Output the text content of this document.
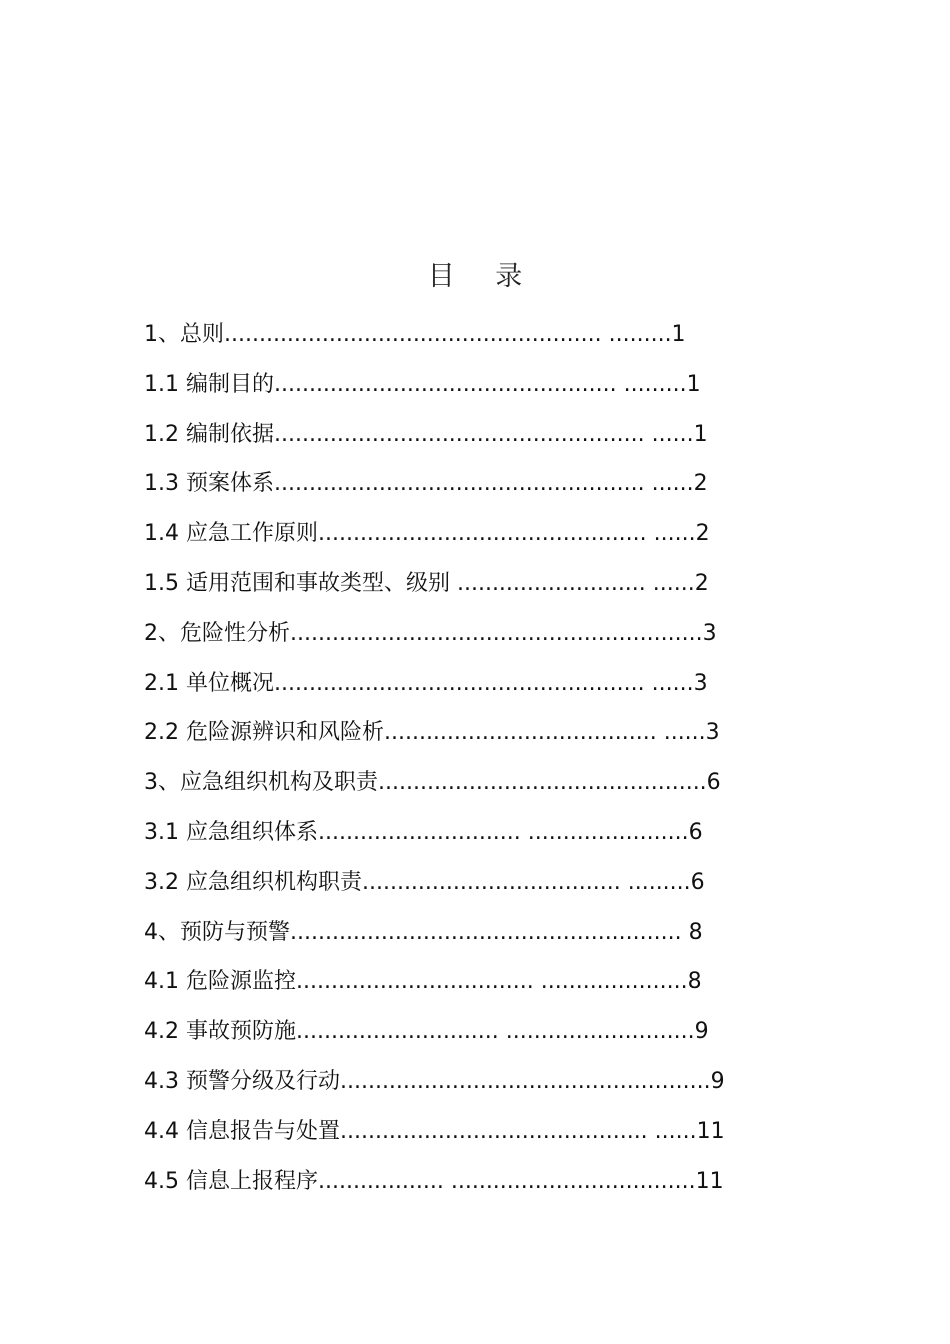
目 录
1、总则...................................................... .........1
1.1 编制目的................................................. .........1
1.2 编制依据..................................................... ......1
1.3 预案体系..................................................... ......2
1.4 应急工作原则............................................... ......2
1.5 适用范围和事故类型、级别 ........................... ......2
2、危险性分析...........................................................3
2.1 单位概况..................................................... ......3
2.2 危险源辨识和风险析....................................... ......3
3、应急组织机构及职责...............................................6
3.1 应急组织体系............................. .......................6
3.2 应急组织机构职责..................................... .........6
4、预防与预警........................................................ 8
4.1 危险源监控.................................. .....................8
4.2 事故预防施............................. ...........................9
4.3 预警分级及行动.....................................................9
4.4 信息报告与处置............................................ ......11
4.5 信息上报程序.................. ...................................11
